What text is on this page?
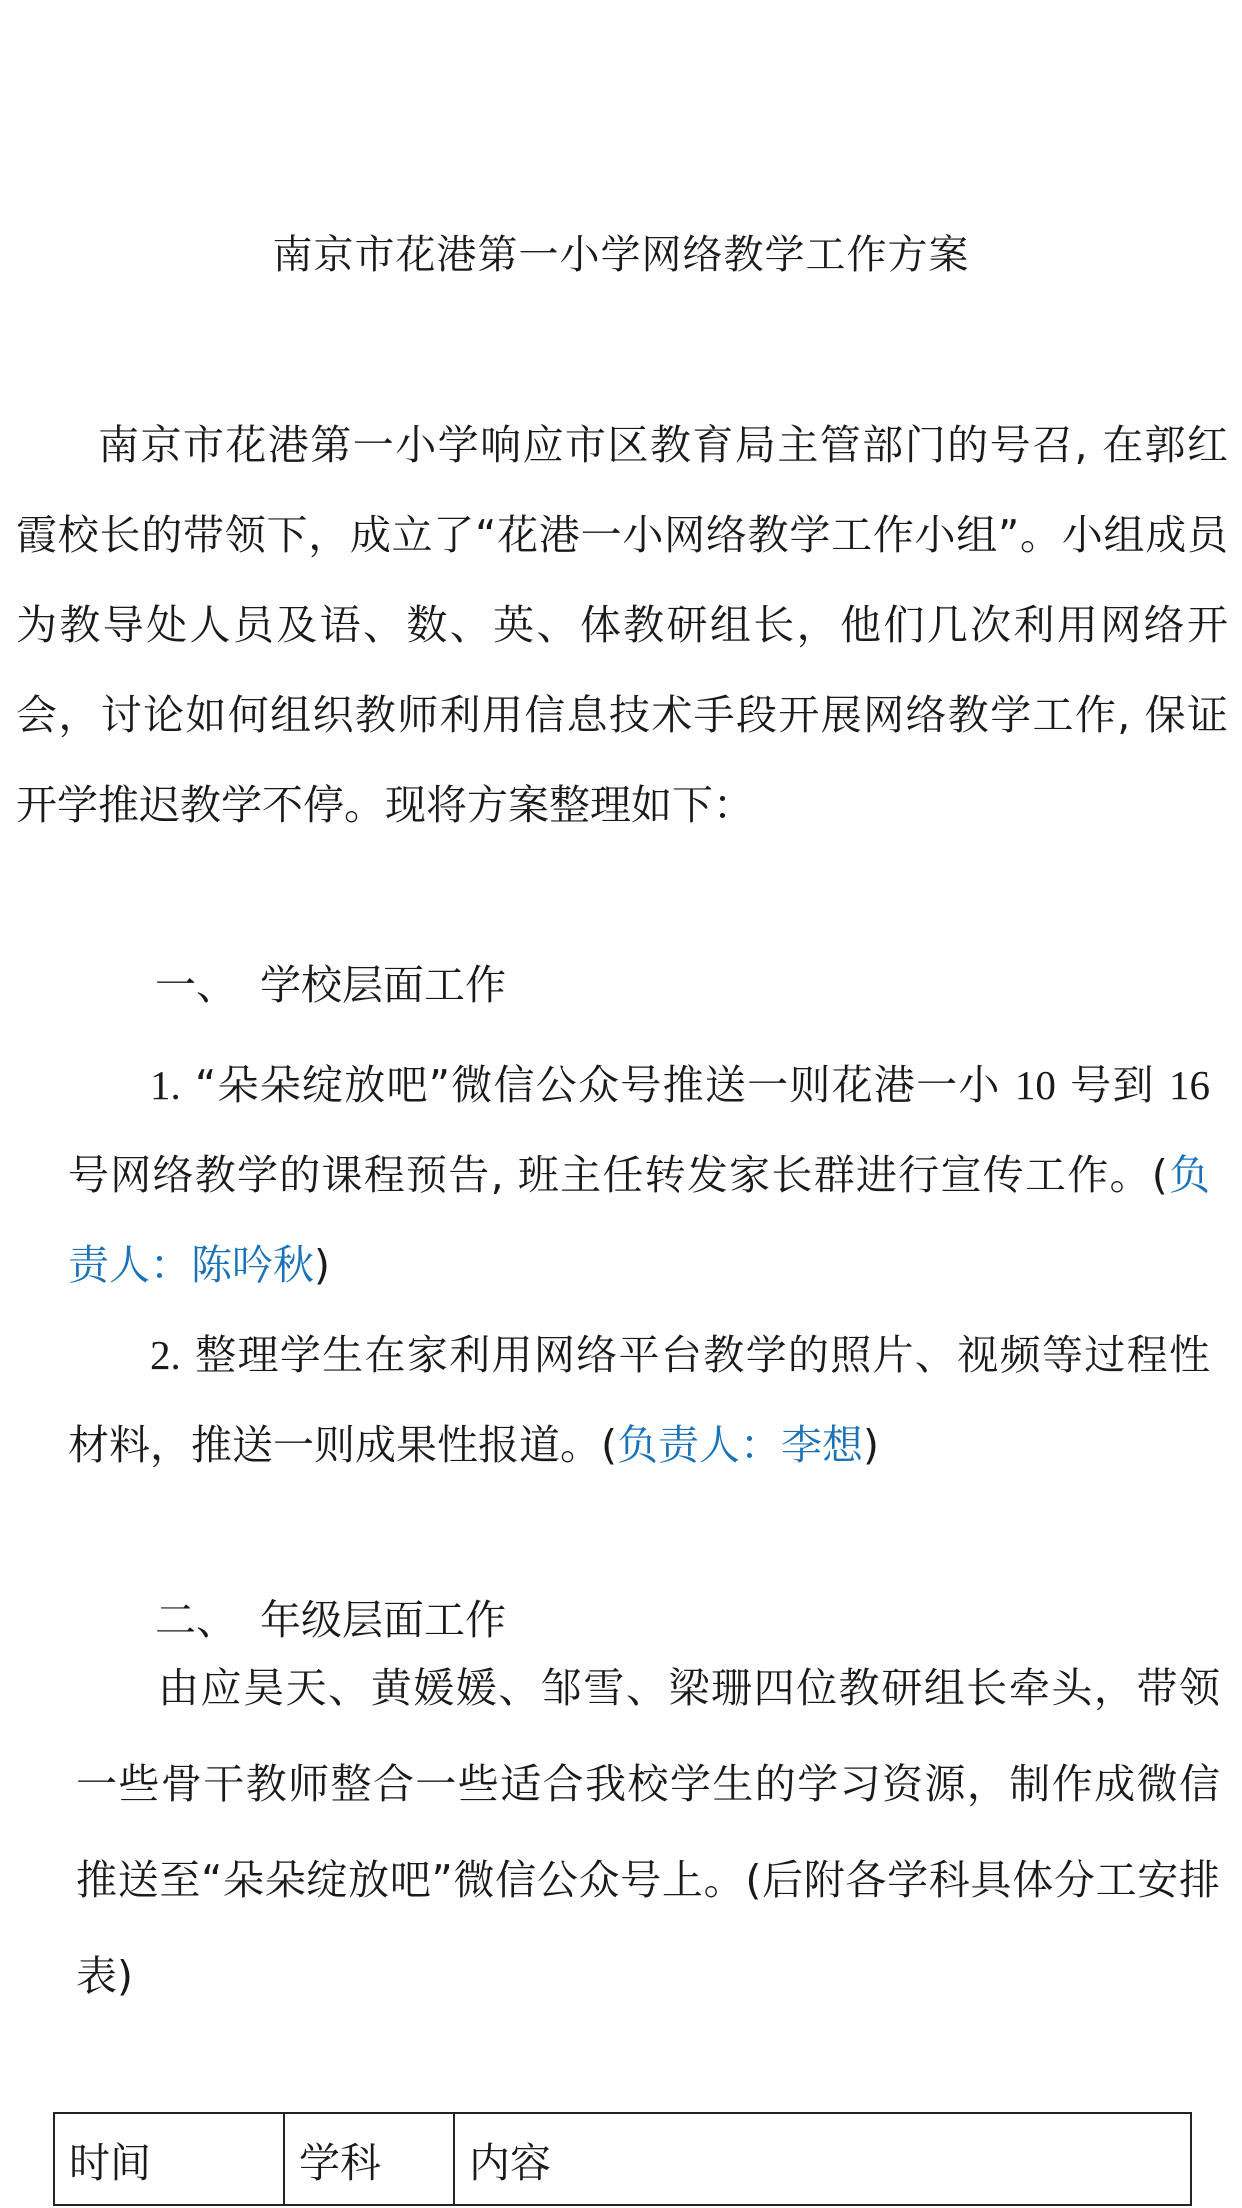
南京市花港第一小学网络教学工作方案

南京市花港第一小学响应市区教育局主管部门的号召, 在郭红霞校长的带领下，成立了“花港一小网络教学工作小组”。小组成员为教导处人员及语、数、英、体教研组长，他们几次利用网络开会，讨论如何组织教师利用信息技术手段开展网络教学工作, 保证开学推迟教学不停。现将方案整理如下：

一、 学校层面工作

1. “朵朵绽放吧”微信公众号推送一则花港一小 10 号到 16 号网络教学的课程预告, 班主任转发家长群进行宣传工作。(负责人：陈吟秋)

2. 整理学生在家利用网络平台教学的照片、视频等过程性材料，推送一则成果性报道。(负责人：李想)

二、 年级层面工作

由应昊天、黄媛媛、邹雪、梁珊四位教研组长牵头，带领一些骨干教师整合一些适合我校学生的学习资源，制作成微信推送至“朵朵绽放吧”微信公众号上。(后附各学科具体分工安排表)

时间	学科	内容
